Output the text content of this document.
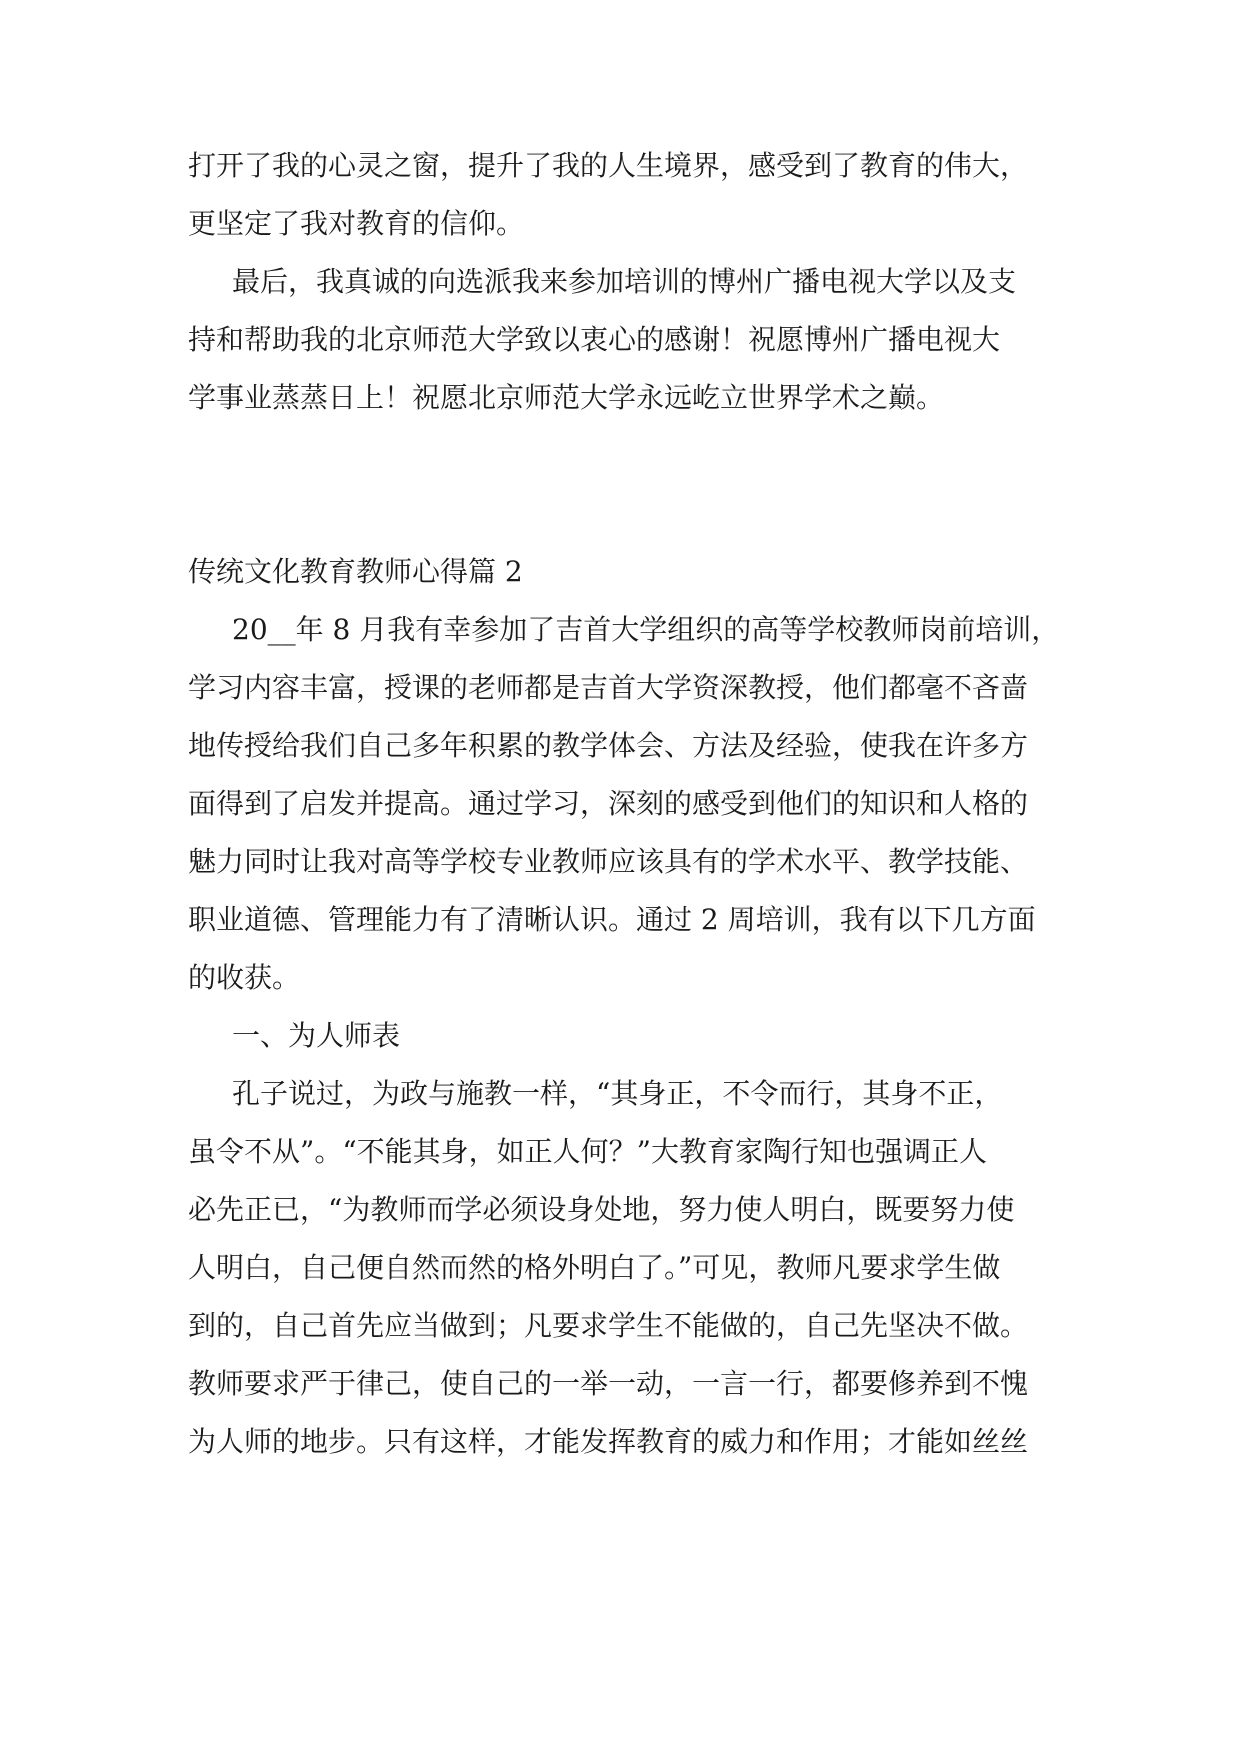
打开了我的心灵之窗，提升了我的人生境界，感受到了教育的伟大，
更坚定了我对教育的信仰。
最后，我真诚的向选派我来参加培训的博州广播电视大学以及支
持和帮助我的北京师范大学致以衷心的感谢！祝愿博州广播电视大
学事业蒸蒸日上！祝愿北京师范大学永远屹立世界学术之巅。
传统文化教育教师心得篇 2
20__年 8 月我有幸参加了吉首大学组织的高等学校教师岗前培训，
学习内容丰富，授课的老师都是吉首大学资深教授，他们都毫不吝啬
地传授给我们自己多年积累的教学体会、方法及经验，使我在许多方
面得到了启发并提高。通过学习，深刻的感受到他们的知识和人格的
魅力同时让我对高等学校专业教师应该具有的学术水平、教学技能、
职业道德、管理能力有了清晰认识。通过 2 周培训，我有以下几方面
的收获。
一、为人师表
孔子说过，为政与施教一样，“其身正，不令而行，其身不正，
虽令不从”。“不能其身，如正人何？”大教育家陶行知也强调正人
必先正已，“为教师而学必须设身处地，努力使人明白，既要努力使
人明白，自己便自然而然的格外明白了。”可见，教师凡要求学生做
到的，自己首先应当做到；凡要求学生不能做的，自己先坚决不做。
教师要求严于律己，使自己的一举一动，一言一行，都要修养到不愧
为人师的地步。只有这样，才能发挥教育的威力和作用；才能如丝丝
